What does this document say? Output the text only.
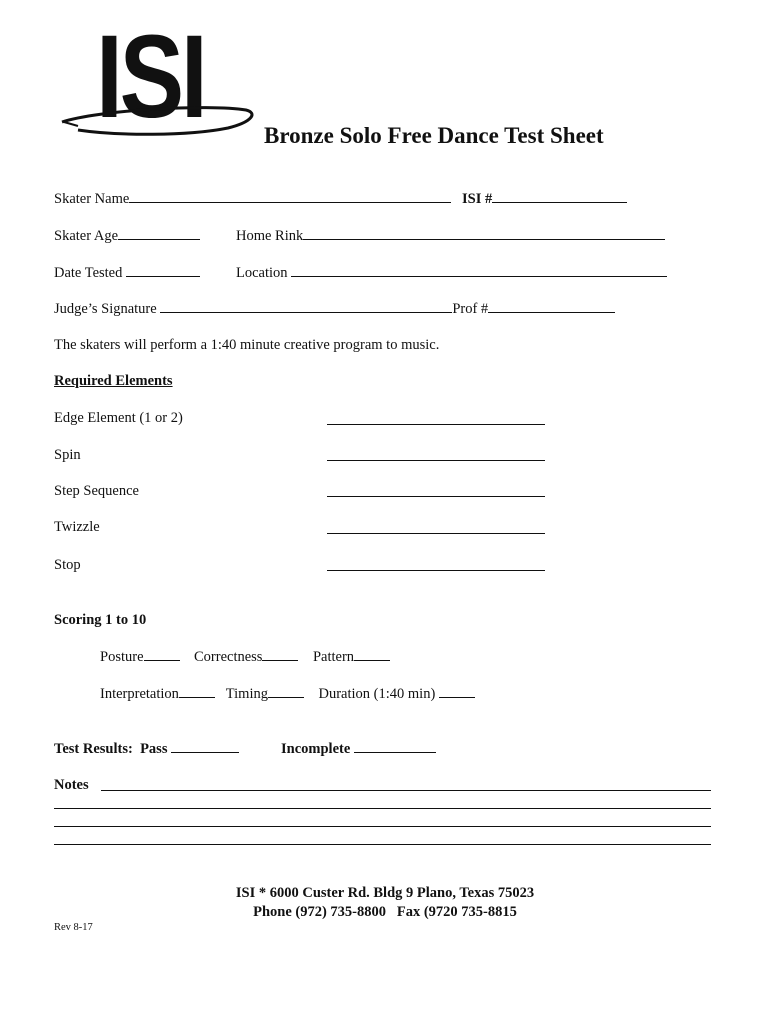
ISI	Bronze Solo Free Dance Test Sheet
Skater Name	ISI #
Skater Age	Home Rink
Date Tested	Location
Judge’s Signature	Prof #
The skaters will perform a 1:40 minute creative program to music.
Required Elements
Edge Element (1 or 2)
Spin
Step Sequence
Twizzle
Stop
Scoring 1 to 10
Posture	Correctness	Pattern
Interpretation	Timing	Duration (1:40 min)
Test Results: Pass	Incomplete
Notes
ISI * 6000 Custer Rd. Bldg 9 Plano, Texas 75023
Phone (972) 735-8800   Fax (9720 735-8815
Rev 8-17
